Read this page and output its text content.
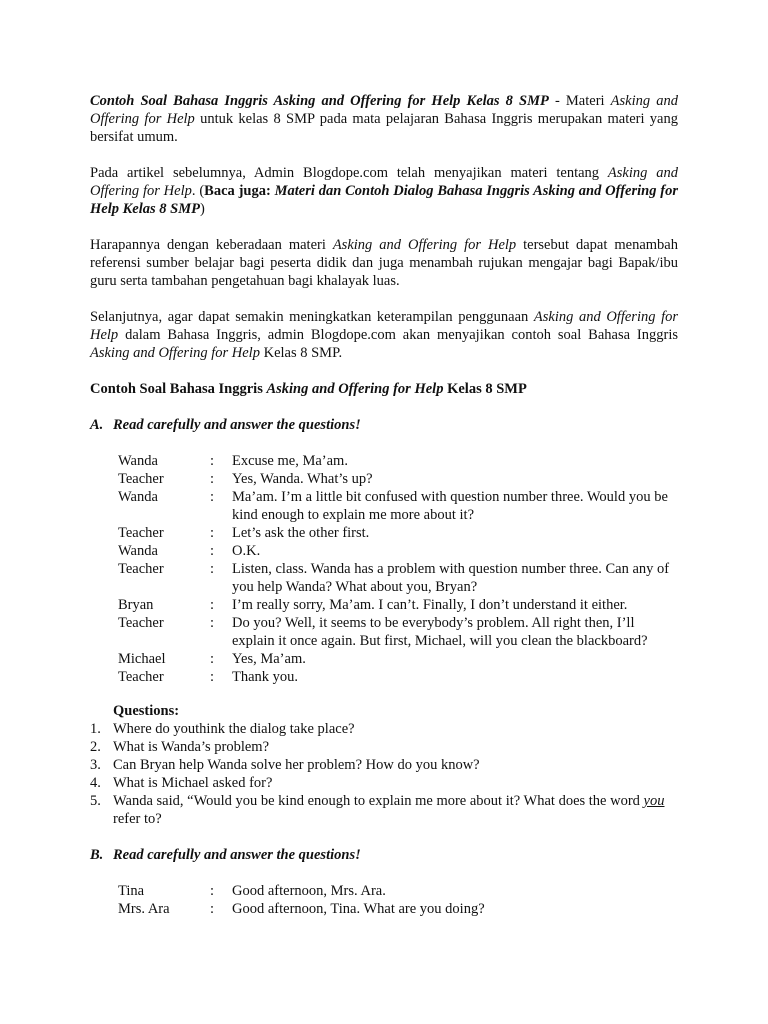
Contoh Soal Bahasa Inggris Asking and Offering for Help Kelas 8 SMP - Materi Asking and Offering for Help untuk kelas 8 SMP pada mata pelajaran Bahasa Inggris merupakan materi yang bersifat umum.

Pada artikel sebelumnya, Admin Blogdope.com telah menyajikan materi tentang Asking and Offering for Help. (Baca juga: Materi dan Contoh Dialog Bahasa Inggris Asking and Offering for Help Kelas 8 SMP)

Harapannya dengan keberadaan materi Asking and Offering for Help tersebut dapat menambah referensi sumber belajar bagi peserta didik dan juga menambah rujukan mengajar bagi Bapak/ibu guru serta tambahan pengetahuan bagi khalayak luas.

Selanjutnya, agar dapat semakin meningkatkan keterampilan penggunaan Asking and Offering for Help dalam Bahasa Inggris, admin Blogdope.com akan menyajikan contoh soal Bahasa Inggris Asking and Offering for Help Kelas 8 SMP.

Contoh Soal Bahasa Inggris Asking and Offering for Help Kelas 8 SMP
A. Read carefully and answer the questions!
Wanda	:	Excuse me, Ma’am.
Teacher	:	Yes, Wanda. What’s up?
Wanda	:	Ma’am. I’m a little bit confused with question number three. Would you be kind enough to explain me more about it?
Teacher	:	Let’s ask the other first.
Wanda	:	O.K.
Teacher	:	Listen, class. Wanda has a problem with question number three. Can any of you help Wanda? What about you, Bryan?
Bryan	:	I’m really sorry, Ma’am. I can’t. Finally, I don’t understand it either.
Teacher	:	Do you? Well, it seems to be everybody’s problem. All right then, I’ll explain it once again. But first, Michael, will you clean the blackboard?
Michael	:	Yes, Ma’am.
Teacher	:	Thank you.
Questions:
1. Where do youthink the dialog take place?
2. What is Wanda’s problem?
3. Can Bryan help Wanda solve her problem? How do you know?
4. What is Michael asked for?
5. Wanda said, “Would you be kind enough to explain me more about it? What does the word you refer to?
B. Read carefully and answer the questions!
Tina	:	Good afternoon, Mrs. Ara.
Mrs. Ara	:	Good afternoon, Tina. What are you doing?
